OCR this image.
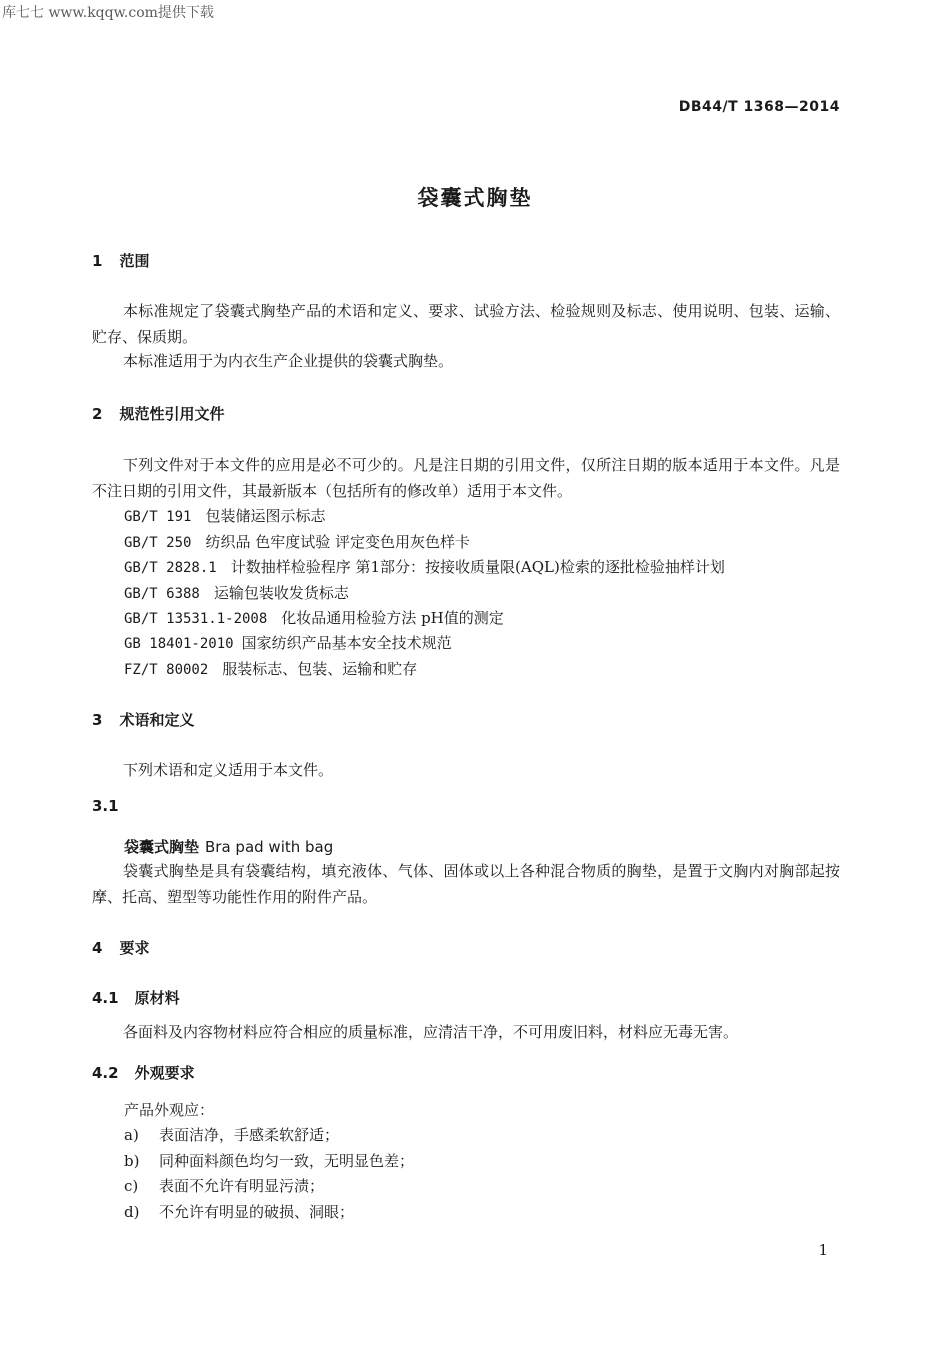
库七七 www.kqqw.com提供下载
DB44/T 1368—2014
袋囊式胸垫
1 范围
本标准规定了袋囊式胸垫产品的术语和定义、要求、试验方法、检验规则及标志、使用说明、包装、运输、贮存、保质期。
本标准适用于为内衣生产企业提供的袋囊式胸垫。
2 规范性引用文件
下列文件对于本文件的应用是必不可少的。凡是注日期的引用文件，仅所注日期的版本适用于本文件。凡是不注日期的引用文件，其最新版本（包括所有的修改单）适用于本文件。
GB/T 191 包装储运图示标志
GB/T 250 纺织品 色牢度试验 评定变色用灰色样卡
GB/T 2828.1 计数抽样检验程序 第1部分：按接收质量限(AQL)检索的逐批检验抽样计划
GB/T 6388 运输包装收发货标志
GB/T 13531.1-2008 化妆品通用检验方法 pH值的测定
GB 18401-2010 国家纺织产品基本安全技术规范
FZ/T 80002 服装标志、包装、运输和贮存
3 术语和定义
下列术语和定义适用于本文件。
3.1
袋囊式胸垫 Bra pad with bag
袋囊式胸垫是具有袋囊结构，填充液体、气体、固体或以上各种混合物质的胸垫，是置于文胸内对胸部起按摩、托高、塑型等功能性作用的附件产品。
4 要求
4.1 原材料
各面料及内容物材料应符合相应的质量标准，应清洁干净，不可用废旧料，材料应无毒无害。
4.2 外观要求
产品外观应：
a) 表面洁净，手感柔软舒适；
b) 同种面料颜色均匀一致，无明显色差；
c) 表面不允许有明显污渍；
d) 不允许有明显的破损、洞眼；
1
